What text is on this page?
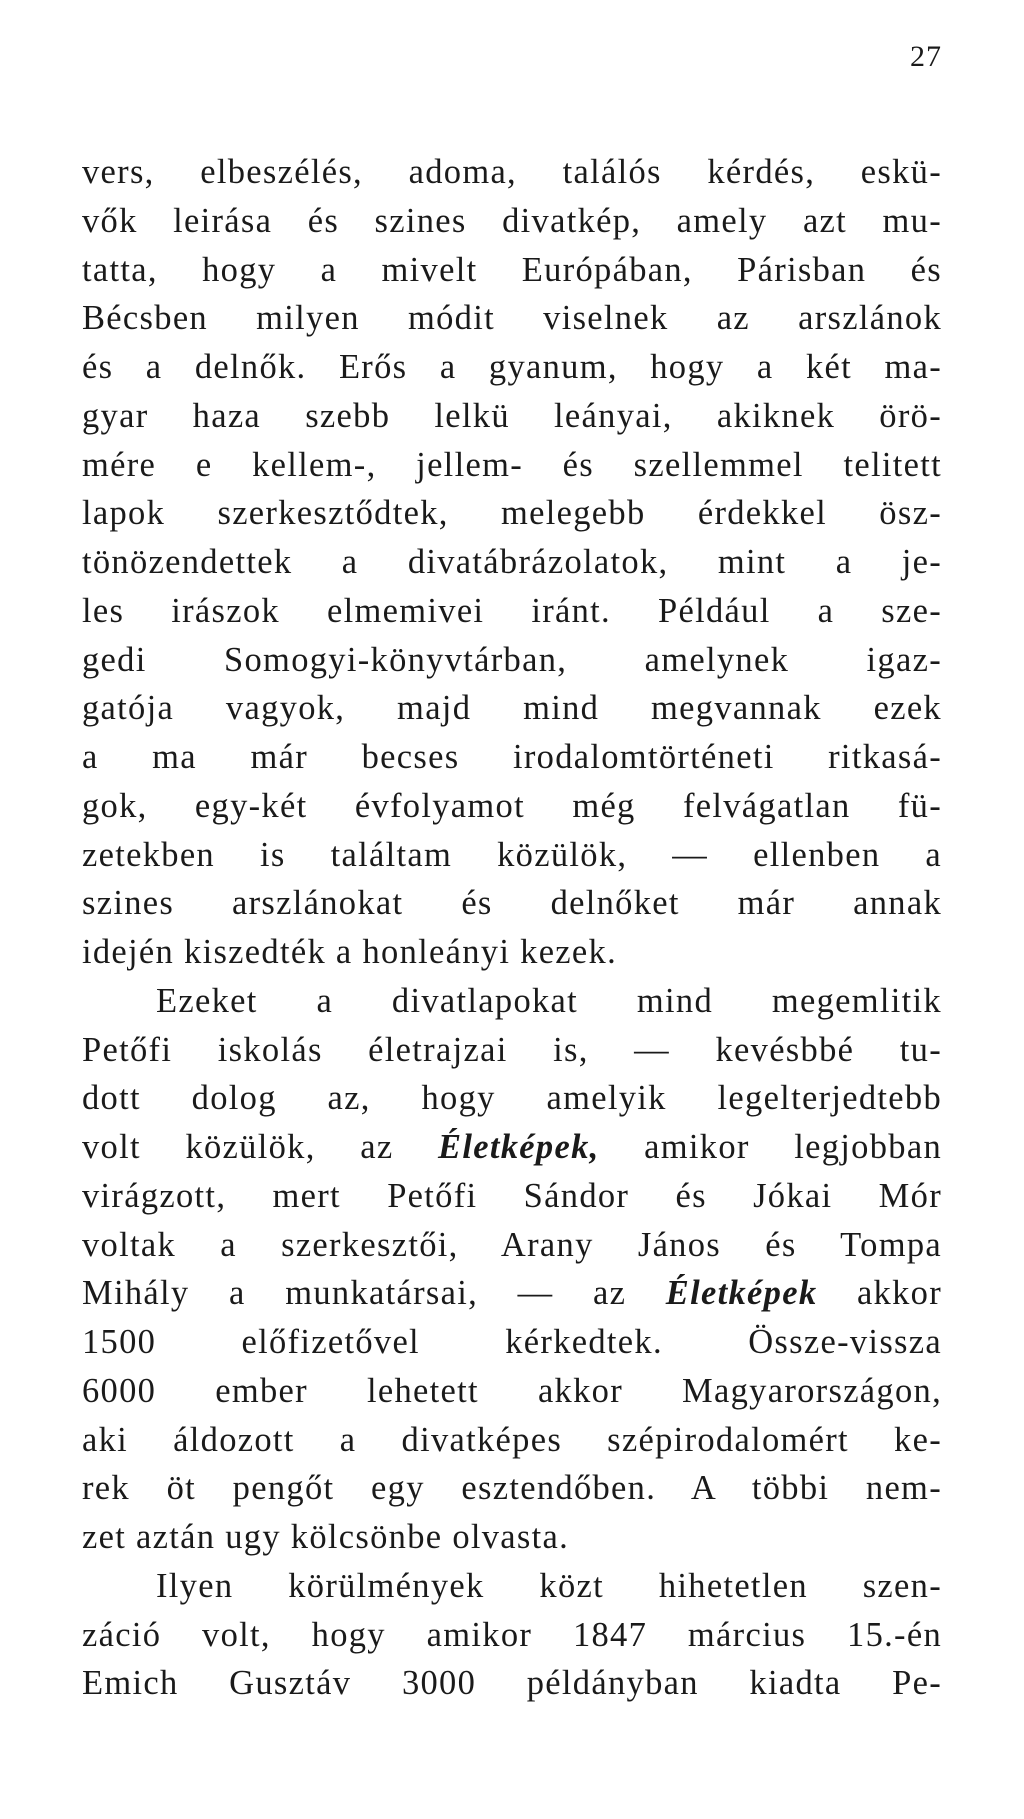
27
vers, elbeszélés, adoma, találós kérdés, eskü-
vők leirása és szines divatkép, amely azt mu-
tatta, hogy a mivelt Európában, Párisban és
Bécsben milyen módit viselnek az arszlánok
és a delnők. Erős a gyanum, hogy a két ma-
gyar haza szebb lelkü leányai, akiknek örö-
mére e kellem-, jellem- és szellemmel telitett
lapok szerkesztődtek, melegebb érdekkel ösz-
tönözendettek a divatábrázolatok, mint a je-
les irászok elmemivei iránt. Például a sze-
gedi Somogyi-könyvtárban, amelynek igaz-
gatója vagyok, majd mind megvannak ezek
a ma már becses irodalomtörténeti ritkasá-
gok, egy-két évfolyamot még felvágatlan fü-
zetekben is találtam közülök, — ellenben a
szines arszlánokat és delnőket már annak
idején kiszedték a honleányi kezek.
Ezeket a divatlapokat mind megemlitik
Petőfi iskolás életrajzai is, — kevésbbé tu-
dott dolog az, hogy amelyik legelterjedtebb
volt közülök, az Életképek, amikor legjobban
virágzott, mert Petőfi Sándor és Jókai Mór
voltak a szerkesztői, Arany János és Tompa
Mihály a munkatársai, — az Életképek akkor
1500 előfizetővel kérkedtek. Össze-vissza
6000 ember lehetett akkor Magyarországon,
aki áldozott a divatképes szépirodalomért ke-
rek öt pengőt egy esztendőben. A többi nem-
zet aztán ugy kölcsönbe olvasta.
Ilyen körülmények közt hihetetlen szen-
záció volt, hogy amikor 1847 március 15.-én
Emich Gusztáv 3000 példányban kiadta Pe-
